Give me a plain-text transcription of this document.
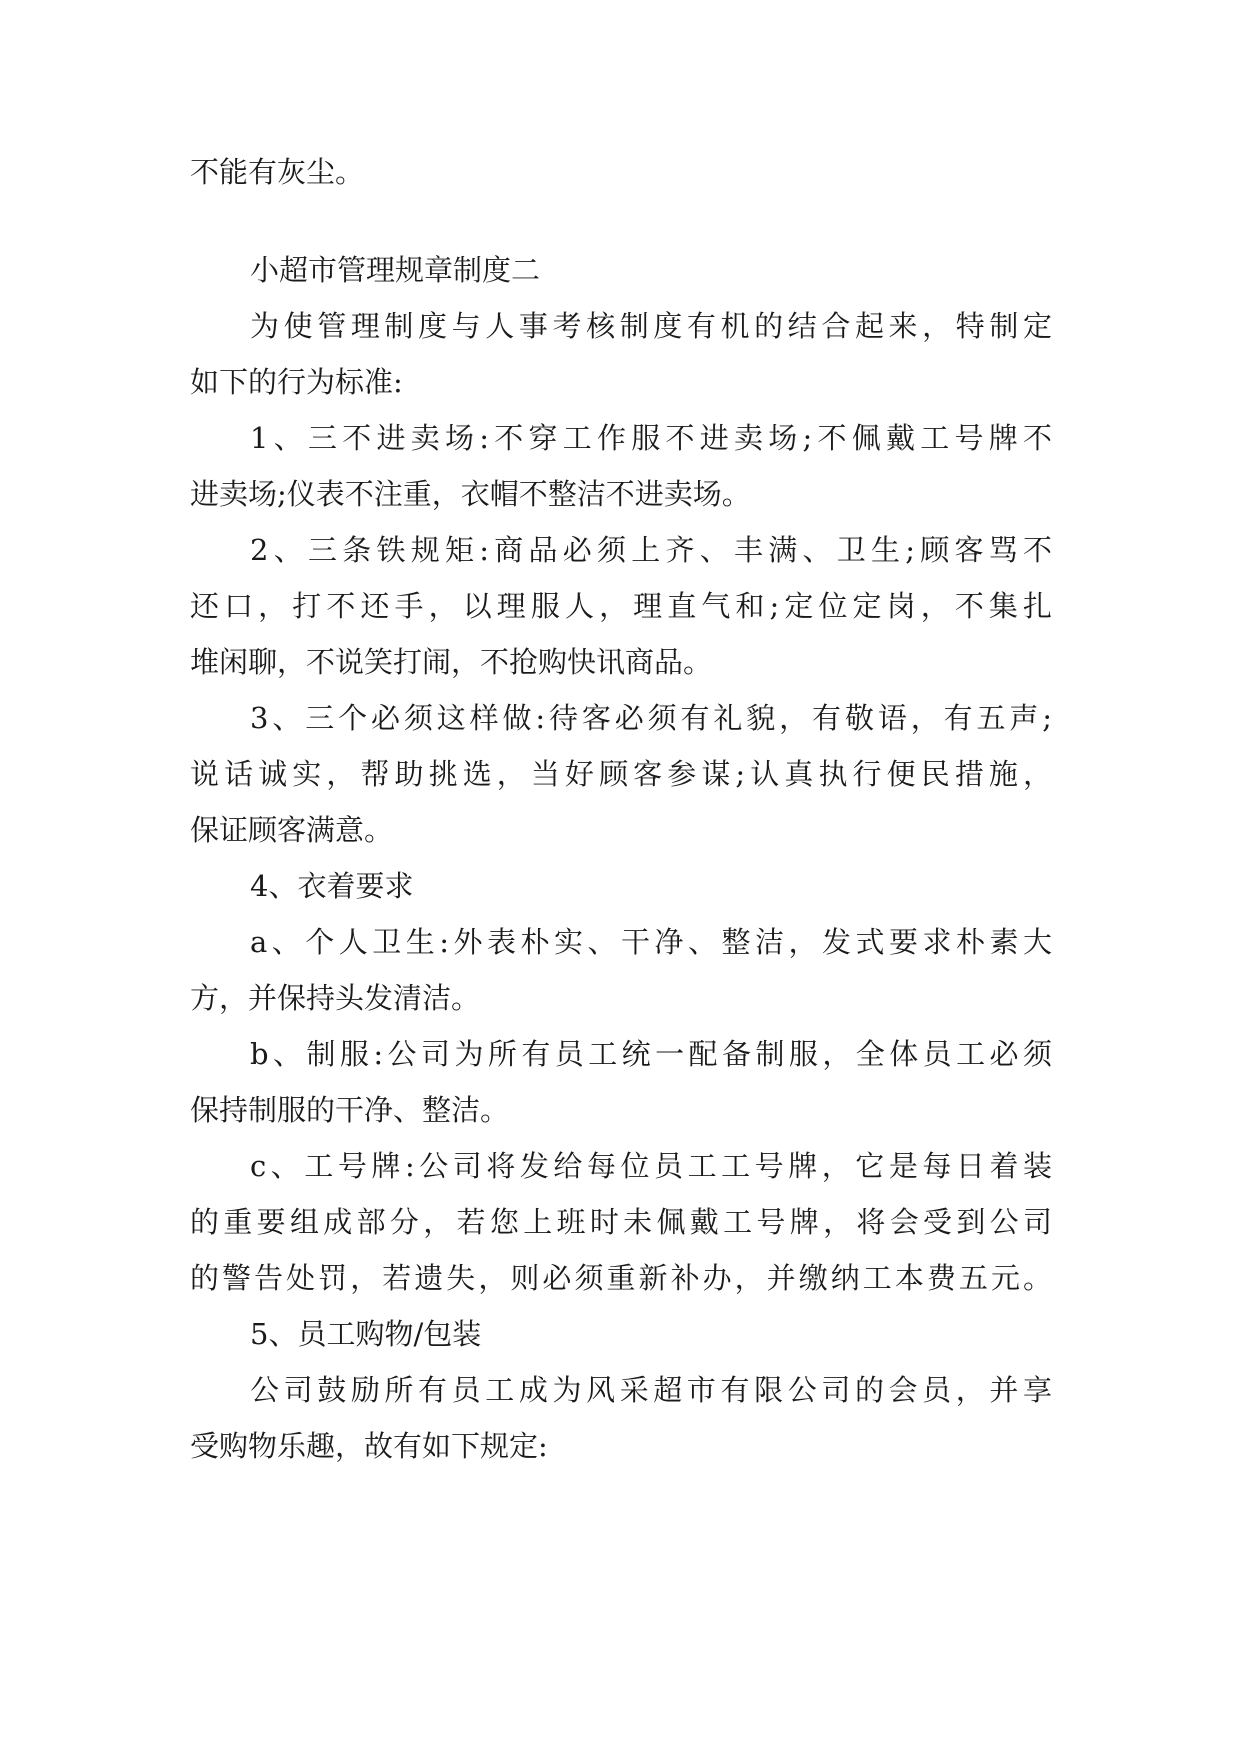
不能有灰尘。
小超市管理规章制度二
为使管理制度与人事考核制度有机的结合起来，特制定
如下的行为标准:
1、三不进卖场:不穿工作服不进卖场;不佩戴工号牌不
进卖场;仪表不注重，衣帽不整洁不进卖场。
2、三条铁规矩:商品必须上齐、丰满、卫生;顾客骂不
还口，打不还手，以理服人，理直气和;定位定岗，不集扎
堆闲聊，不说笑打闹，不抢购快讯商品。
3、三个必须这样做:待客必须有礼貌，有敬语，有五声;
说话诚实，帮助挑选，当好顾客参谋;认真执行便民措施，
保证顾客满意。
4、衣着要求
a、个人卫生:外表朴实、干净、整洁，发式要求朴素大
方，并保持头发清洁。
b、制服:公司为所有员工统一配备制服，全体员工必须
保持制服的干净、整洁。
c、工号牌:公司将发给每位员工工号牌，它是每日着装
的重要组成部分，若您上班时未佩戴工号牌，将会受到公司
的警告处罚，若遗失，则必须重新补办，并缴纳工本费五元。
5、员工购物/包装
公司鼓励所有员工成为风采超市有限公司的会员，并享
受购物乐趣，故有如下规定:
